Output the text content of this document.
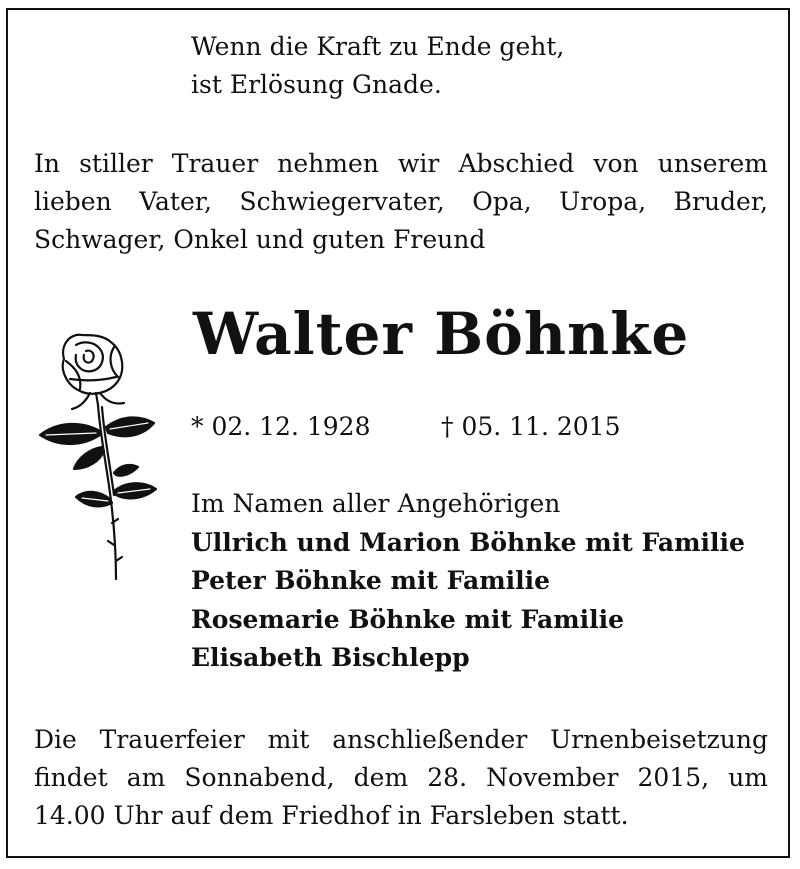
Wenn die Kraft zu Ende geht,
ist Erlösung Gnade.
In stiller Trauer nehmen wir Abschied von unserem
lieben Vater, Schwiegervater, Opa, Uropa, Bruder,
Schwager, Onkel und guten Freund
Walter Böhnke
* 02. 12. 1928	† 05. 11. 2015
Im Namen aller Angehörigen
Ullrich und Marion Böhnke mit Familie
Peter Böhnke mit Familie
Rosemarie Böhnke mit Familie
Elisabeth Bischlepp
Die Trauerfeier mit anschließender Urnenbeisetzung
findet am Sonnabend, dem 28. November 2015, um
14.00 Uhr auf dem Friedhof in Farsleben statt.
